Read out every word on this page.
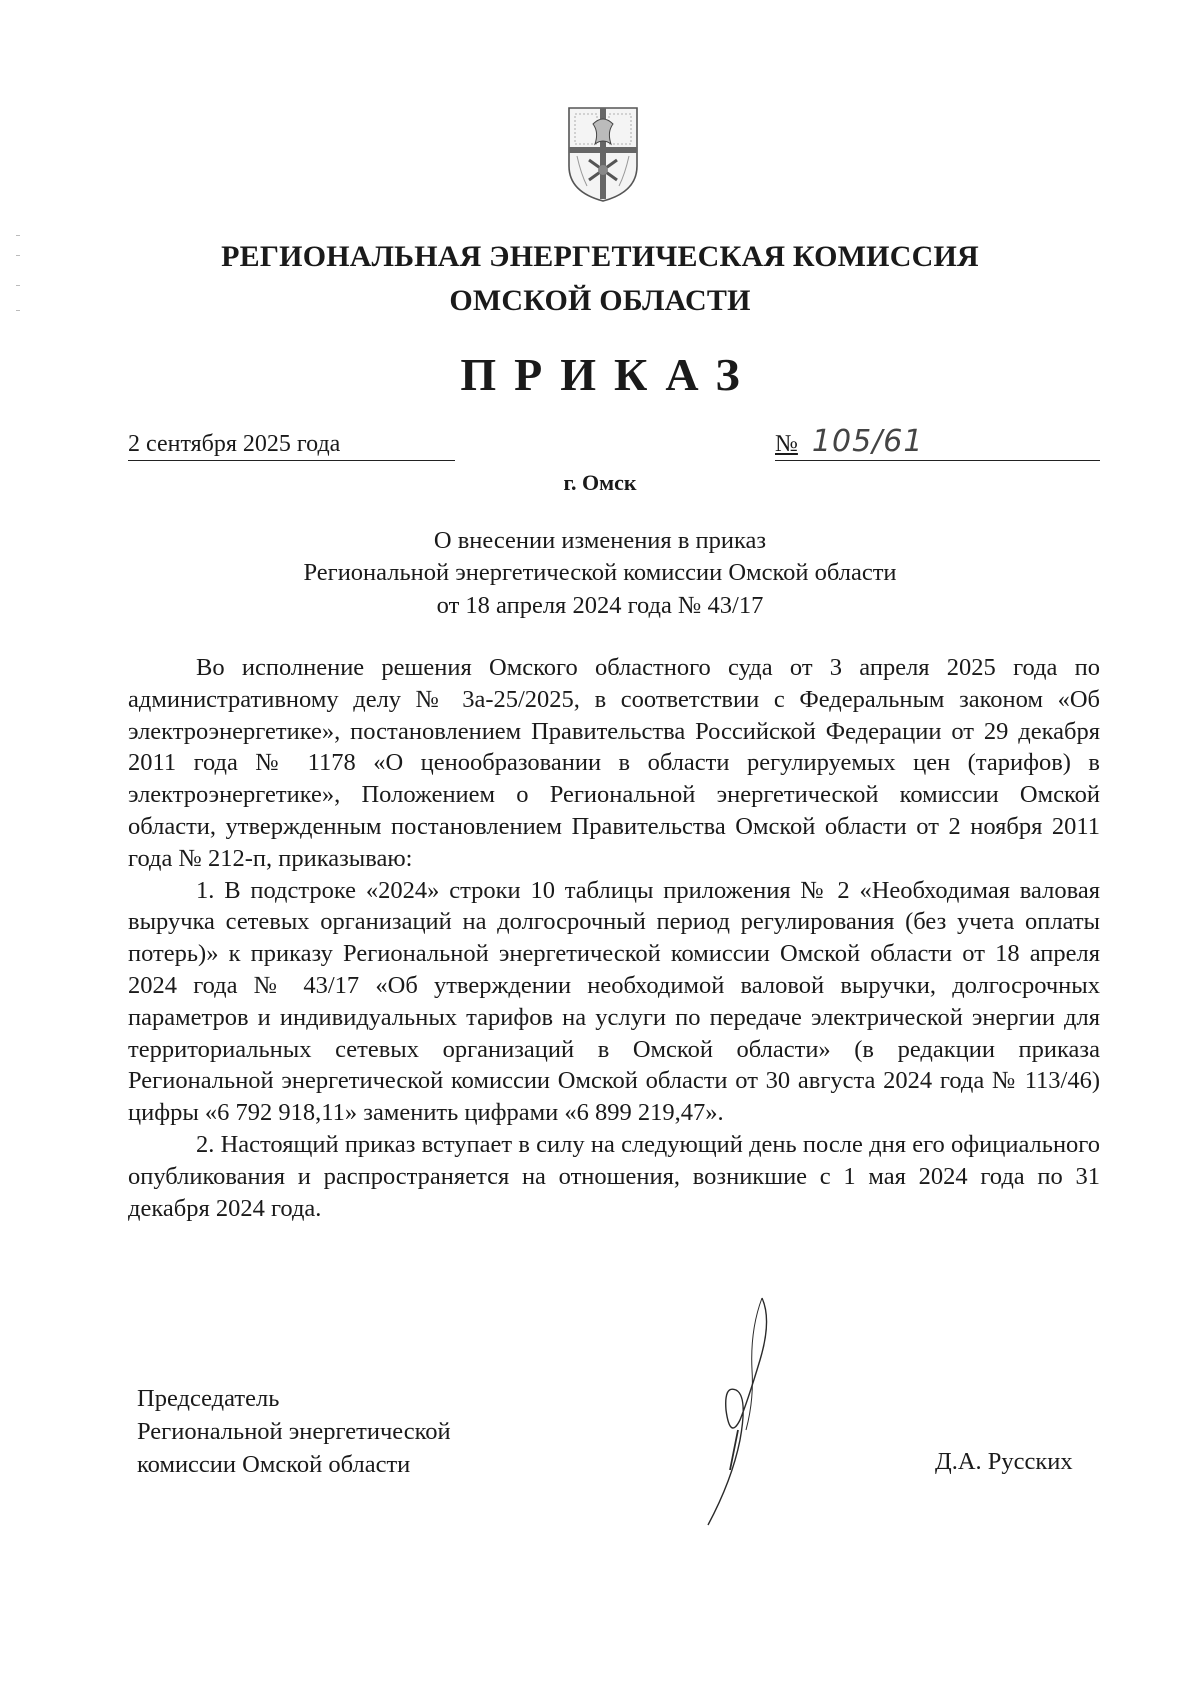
РЕГИОНАЛЬНАЯ ЭНЕРГЕТИЧЕСКАЯ КОМИССИЯ
ОМСКОЙ ОБЛАСТИ
ПРИКАЗ
2 сентября 2025 года	№ 105/61
г. Омск
О внесении изменения в приказ
Региональной энергетической комиссии Омской области
от 18 апреля 2024 года № 43/17

Во исполнение решения Омского областного суда от 3 апреля 2025 года по административному делу № 3а-25/2025, в соответствии с Федеральным законом «Об электроэнергетике», постановлением Правительства Российской Федерации от 29 декабря 2011 года № 1178 «О ценообразовании в области регулируемых цен (тарифов) в электроэнергетике», Положением о Региональной энергетической комиссии Омской области, утвержденным постановлением Правительства Омской области от 2 ноября 2011 года № 212-п, приказываю:

1. В подстроке «2024» строки 10 таблицы приложения № 2 «Необходимая валовая выручка сетевых организаций на долгосрочный период регулирования (без учета оплаты потерь)» к приказу Региональной энергетической комиссии Омской области от 18 апреля 2024 года № 43/17 «Об утверждении необходимой валовой выручки, долгосрочных параметров и индивидуальных тарифов на услуги по передаче электрической энергии для территориальных сетевых организаций в Омской области» (в редакции приказа Региональной энергетической комиссии Омской области от 30 августа 2024 года № 113/46) цифры «6 792 918,11» заменить цифрами «6 899 219,47».

2. Настоящий приказ вступает в силу на следующий день после дня его официального опубликования и распространяется на отношения, возникшие с 1 мая 2024 года по 31 декабря 2024 года.

Председатель
Региональной энергетической
комиссии Омской области	Д.А. Русских
